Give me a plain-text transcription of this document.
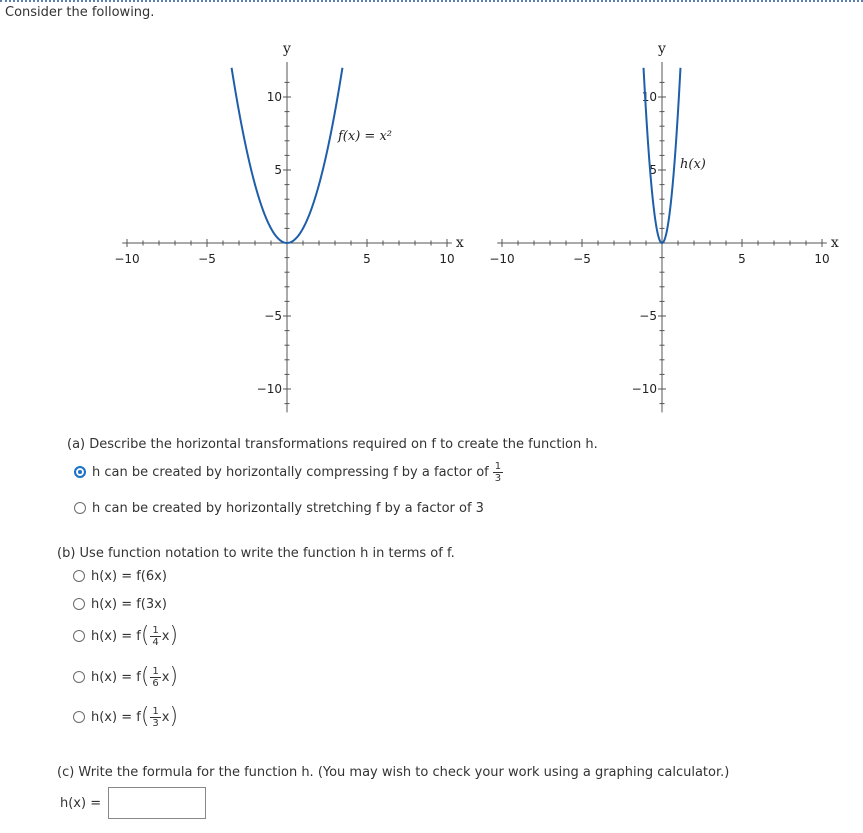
Consider the following.
−10	−5	5	10
10
5
−5
−10
y
x
f(x) = x²
−10	−5	5	10
10
5
−5
−10
y
x
h(x)
(a) Describe the horizontal transformations required on f to create the function h.
h can be created by horizontally compressing f by a factor of $\frac{1}{3}$
h can be created by horizontally stretching f by a factor of 3
(b) Use function notation to write the function h in terms of f.
h(x) = f(6x)
h(x) = f(3x)
h(x) = f ( $\frac{1}{4}$ x )
h(x) = f ( $\frac{1}{6}$ x )
h(x) = f ( $\frac{1}{3}$ x )
(c) Write the formula for the function h. (You may wish to check your work using a graphing calculator.)
h(x) =
